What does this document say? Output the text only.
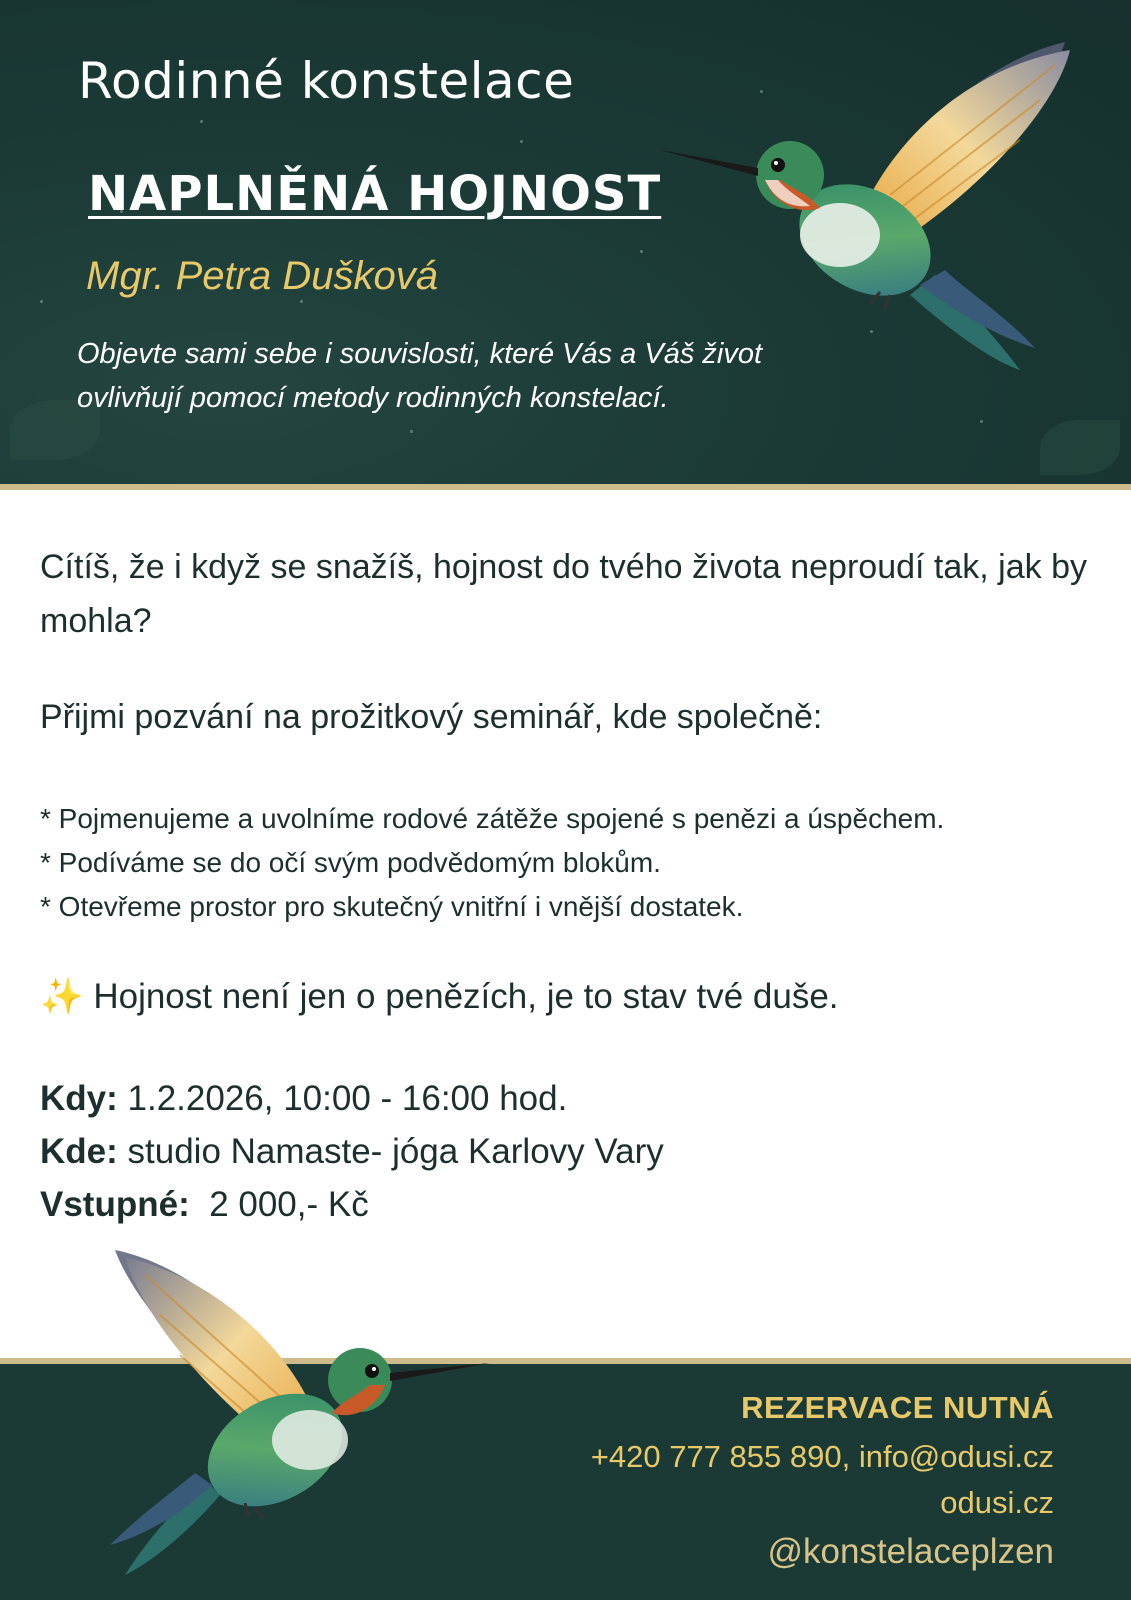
Rodinné konstelace
NAPLNĚNÁ HOJNOST

Mgr. Petra Dušková

Objevte sami sebe i souvislosti, které Vás a Váš život ovlivňují pomocí metody rodinných konstelací.

Cítíš, že i když se snažíš, hojnost do tvého života neproudí tak, jak by mohla?

Přijmi pozvání na prožitkový seminář, kde společně:

* Pojmenujeme a uvolníme rodové zátěže spojené s penězi a úspěchem.
* Podíváme se do očí svým podvědomým blokům.
* Otevřeme prostor pro skutečný vnitřní i vnější dostatek.

✨ Hojnost není jen o penězích, je to stav tvé duše.

Kdy: 1.2.2026, 10:00 - 16:00 hod.
Kde: studio Namaste- jóga Karlovy Vary
Vstupné: 2 000,- Kč
REZERVACE NUTNÁ
+420 777 855 890, info@odusi.cz
odusi.cz
@konstelaceplzen
